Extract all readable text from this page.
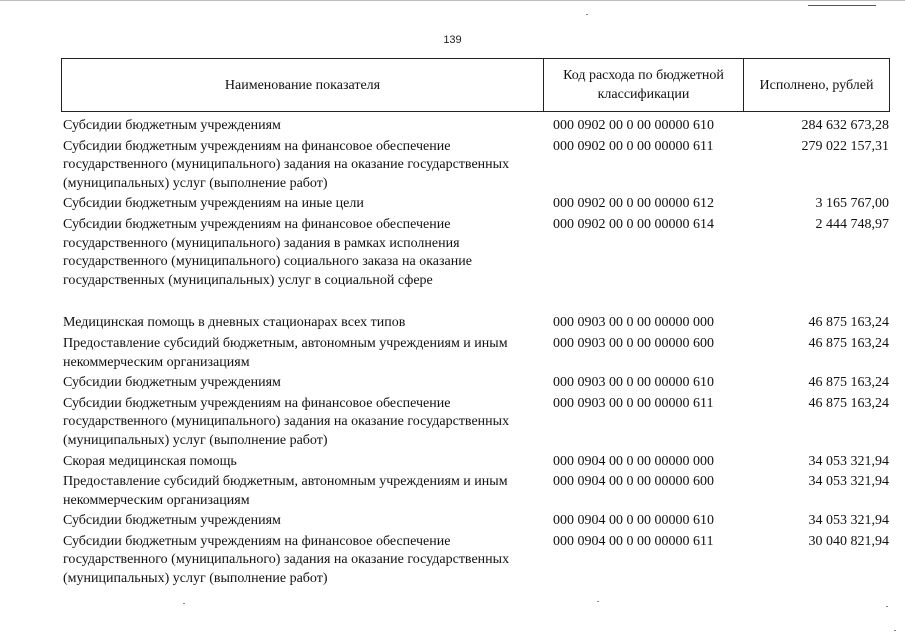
139
Наименование показателя
Код расхода по бюджетной классификации
Исполнено, рублей
Субсидии бюджетным учреждениям	000 0902 00 0 00 00000 610	284 632 673,28
Субсидии бюджетным учреждениям на финансовое обеспечение государственного (муниципального) задания на оказание государственных (муниципальных) услуг (выполнение работ)
000 0902 00 0 00 00000 611	279 022 157,31
Субсидии бюджетным учреждениям на иные цели	000 0902 00 0 00 00000 612	3 165 767,00
Субсидии бюджетным учреждениям на финансовое обеспечение государственного (муниципального) задания в рамках исполнения государственного (муниципального) социального заказа на оказание государственных (муниципальных) услуг в социальной сфере
000 0902 00 0 00 00000 614	2 444 748,97
Медицинская помощь в дневных стационарах всех типов	000 0903 00 0 00 00000 000	46 875 163,24
Предоставление субсидий бюджетным, автономным учреждениям и иным некоммерческим организациям
000 0903 00 0 00 00000 600	46 875 163,24
Субсидии бюджетным учреждениям	000 0903 00 0 00 00000 610	46 875 163,24
Субсидии бюджетным учреждениям на финансовое обеспечение государственного (муниципального) задания на оказание государственных (муниципальных) услуг (выполнение работ)
000 0903 00 0 00 00000 611	46 875 163,24
Скорая медицинская помощь	000 0904 00 0 00 00000 000	34 053 321,94
Предоставление субсидий бюджетным, автономным учреждениям и иным некоммерческим организациям
000 0904 00 0 00 00000 600	34 053 321,94
Субсидии бюджетным учреждениям	000 0904 00 0 00 00000 610	34 053 321,94
Субсидии бюджетным учреждениям на финансовое обеспечение государственного (муниципального) задания на оказание государственных (муниципальных) услуг (выполнение работ)
000 0904 00 0 00 00000 611	30 040 821,94
